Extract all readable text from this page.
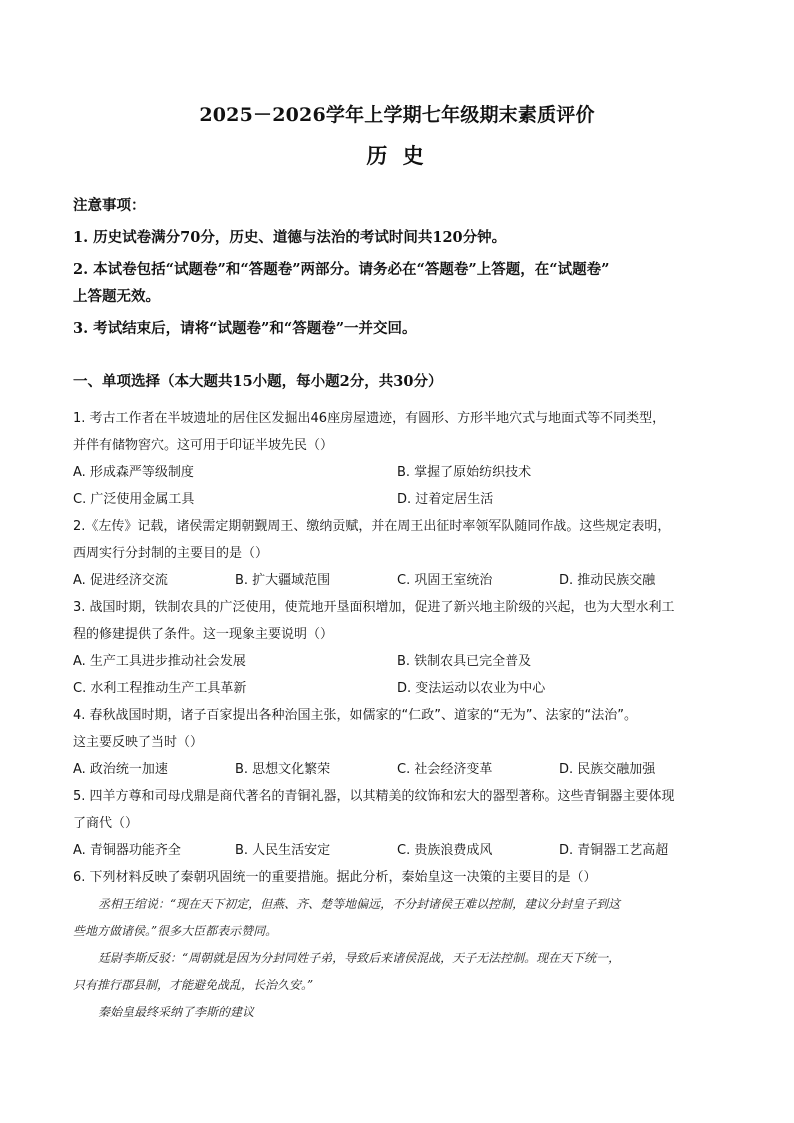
2025－2026学年上学期七年级期末素质评价
历 史
注意事项：
1. 历史试卷满分70分，历史、道德与法治的考试时间共120分钟。
2. 本试卷包括“试题卷”和“答题卷”两部分。请务必在“答题卷”上答题，在“试题卷”
上答题无效。
3. 考试结束后，请将“试题卷”和“答题卷”一并交回。
一、单项选择（本大题共15小题，每小题2分，共30分）
1. 考古工作者在半坡遗址的居住区发掘出46座房屋遗迹，有圆形、方形半地穴式与地面式等不同类型，
并伴有储物窖穴。这可用于印证半坡先民（）
A. 形成森严等级制度	B. 掌握了原始纺织技术
C. 广泛使用金属工具	D. 过着定居生活
2.《左传》记载，诸侯需定期朝觐周王、缴纳贡赋，并在周王出征时率领军队随同作战。这些规定表明，
西周实行分封制的主要目的是（）
A. 促进经济交流	B. 扩大疆域范围	C. 巩固王室统治	D. 推动民族交融
3. 战国时期，铁制农具的广泛使用，使荒地开垦面积增加，促进了新兴地主阶级的兴起，也为大型水利工
程的修建提供了条件。这一现象主要说明（）
A. 生产工具进步推动社会发展	B. 铁制农具已完全普及
C. 水利工程推动生产工具革新	D. 变法运动以农业为中心
4. 春秋战国时期，诸子百家提出各种治国主张，如儒家的“仁政”、道家的“无为”、法家的“法治”。
这主要反映了当时（）
A. 政治统一加速	B. 思想文化繁荣	C. 社会经济变革	D. 民族交融加强
5. 四羊方尊和司母戊鼎是商代著名的青铜礼器，以其精美的纹饰和宏大的器型著称。这些青铜器主要体现
了商代（）
A. 青铜器功能齐全	B. 人民生活安定	C. 贵族浪费成风	D. 青铜器工艺高超
6. 下列材料反映了秦朝巩固统一的重要措施。据此分析，秦始皇这一决策的主要目的是（）
丞相王绾说：“现在天下初定，但燕、齐、楚等地偏远，不分封诸侯王难以控制，建议分封皇子到这
些地方做诸侯。”很多大臣都表示赞同。
廷尉李斯反驳：“周朝就是因为分封同姓子弟，导致后来诸侯混战，天子无法控制。现在天下统一，
只有推行郡县制，才能避免战乱，长治久安。”
秦始皇最终采纳了李斯的建议
